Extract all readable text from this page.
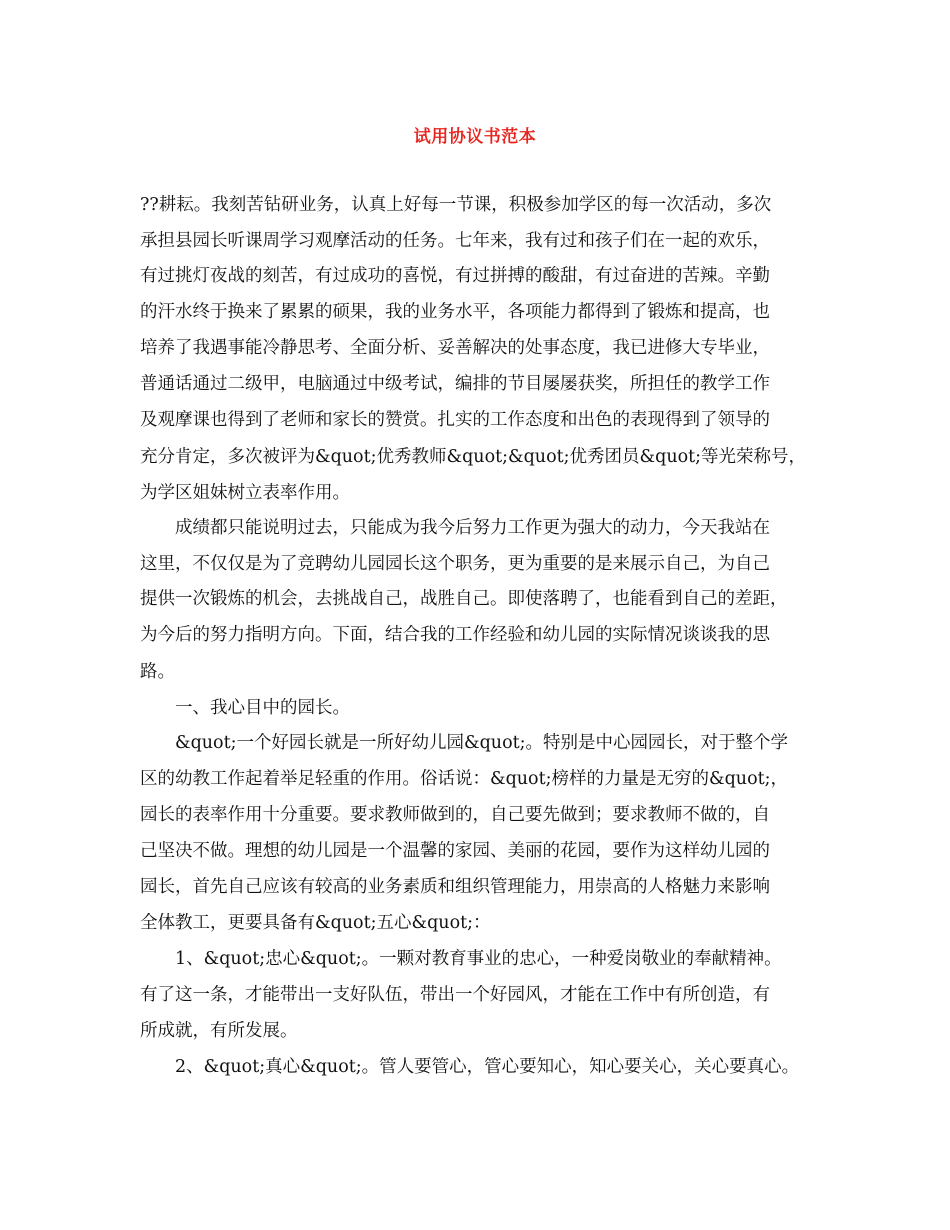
试用协议书范本
??耕耘。我刻苦钻研业务，认真上好每一节课，积极参加学区的每一次活动，多次
承担县园长听课周学习观摩活动的任务。七年来，我有过和孩子们在一起的欢乐，
有过挑灯夜战的刻苦，有过成功的喜悦，有过拼搏的酸甜，有过奋进的苦辣。辛勤
的汗水终于换来了累累的硕果，我的业务水平，各项能力都得到了锻炼和提高，也
培养了我遇事能冷静思考、全面分析、妥善解决的处事态度，我已进修大专毕业，
普通话通过二级甲，电脑通过中级考试，编排的节目屡屡获奖，所担任的教学工作
及观摩课也得到了老师和家长的赞赏。扎实的工作态度和出色的表现得到了领导的
充分肯定，多次被评为&quot;优秀教师&quot;&quot;优秀团员&quot;等光荣称号，
为学区姐妹树立表率作用。
成绩都只能说明过去，只能成为我今后努力工作更为强大的动力，今天我站在
这里，不仅仅是为了竞聘幼儿园园长这个职务，更为重要的是来展示自己，为自己
提供一次锻炼的机会，去挑战自己，战胜自己。即使落聘了，也能看到自己的差距，
为今后的努力指明方向。下面，结合我的工作经验和幼儿园的实际情况谈谈我的思
路。
一、我心目中的园长。
&quot;一个好园长就是一所好幼儿园&quot;。特别是中心园园长，对于整个学
区的幼教工作起着举足轻重的作用。俗话说：&quot;榜样的力量是无穷的&quot;，
园长的表率作用十分重要。要求教师做到的，自己要先做到；要求教师不做的，自
己坚决不做。理想的幼儿园是一个温馨的家园、美丽的花园，要作为这样幼儿园的
园长，首先自己应该有较高的业务素质和组织管理能力，用崇高的人格魅力来影响
全体教工，更要具备有&quot;五心&quot;：
1、&quot;忠心&quot;。一颗对教育事业的忠心，一种爱岗敬业的奉献精神。
有了这一条，才能带出一支好队伍，带出一个好园风，才能在工作中有所创造，有
所成就，有所发展。
2、&quot;真心&quot;。管人要管心，管心要知心，知心要关心，关心要真心。
